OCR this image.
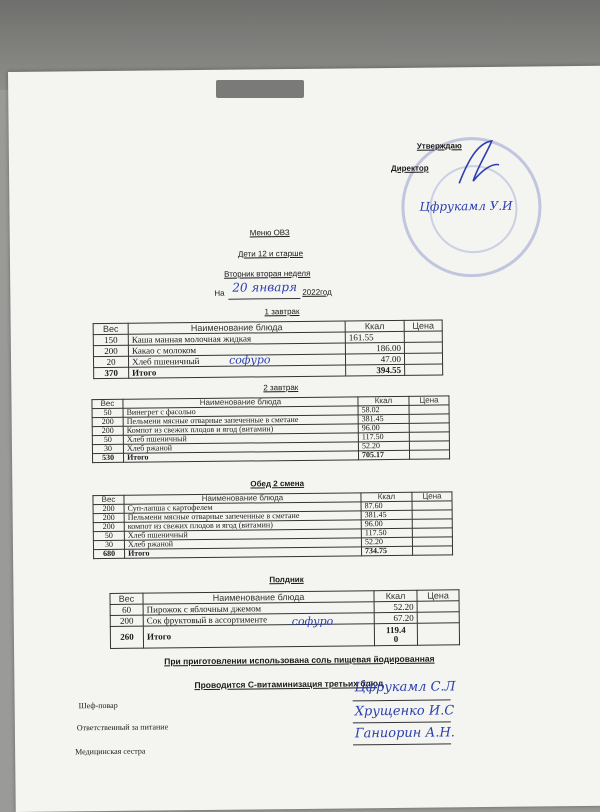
Утверждаю
Директор
Цфрукамл У.И
Меню ОВЗ
Дети 12 и старше
Вторник вторая неделя
На 20 января 2022год
1 завтрак
Вес	Наименование блюда	Ккал	Цена
150	Каша манная молочная жидкая	161.55	
200	Какао с молоком	186.00	
20	Хлеб пшеничный	47.00	
370	Итого	394.55	
софуро
2 завтрак
Вес	Наименование блюда	Ккал	Цена
50	Винегрет с фасолью	58.02	
200	Пельмени мясные отварные запеченные в сметане	381.45	
200	Компот из свежих плодов и ягод (витамин)	96.00	
50	Хлеб пшеничный	117.50	
30	Хлеб ржаной	52.20	
530	Итого	705.17	
Обед 2 смена
Вес	Наименование блюда	Ккал	Цена
200	Суп-лапша с картофелем	87.60	
200	Пельмени мясные отварные запеченные в сметане	381.45	
200	компот из свежих плодов и ягод (витамин)	96.00	
50	Хлеб пшеничный	117.50	
30	Хлеб ржаной	52.20	
680	Итого	734.75	
Полдник
Вес	Наименование блюда	Ккал	Цена
60	Пирожок с яблочным джемом	52.20	
200	Сок фруктовый в ассортименте	67.20	
260	Итого	119.4
0	
софуро
При приготовлении использована соль пищевая йодированная
Проводится С-витаминизация третьих блюд
Шеф-повар
Ответственный за питание
Медицинская сестра
Цфрукамл С.Л
Хрущенко И.С
Ганиорин А.Н.
